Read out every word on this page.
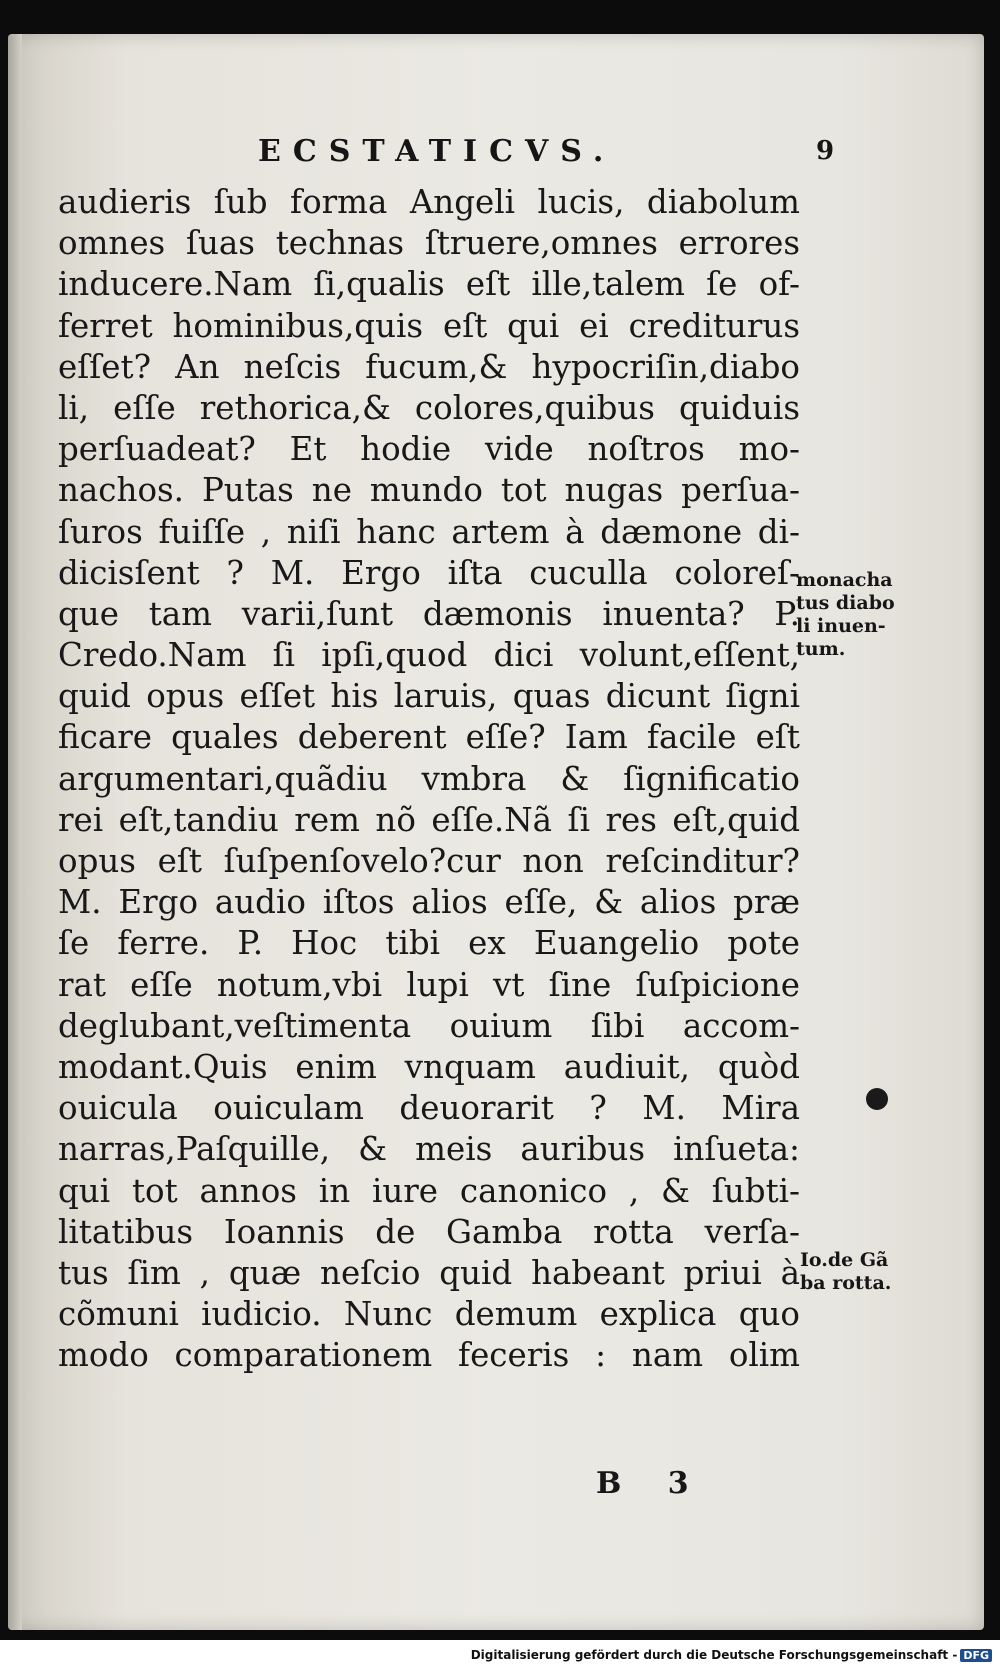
ECSTATICVS.	9
audieris ſub forma Angeli lucis, diabolum
omnes ſuas technas ſtruere,omnes errores
inducere.Nam ſi,qualis eſt ille,talem ſe of-
ferret hominibus,quis eſt qui ei crediturus
eſſet? An neſcis fucum,& hypocriſin,diabo
li, eſſe rethorica,& colores,quibus quiduis
perſuadeat? Et hodie vide noſtros mo-
nachos. Putas ne mundo tot nugas perſua-
ſuros fuiſſe , niſi hanc artem à dæmone di-
dicisſent ? M. Ergo iſta cuculla coloreſ-
que tam varii,ſunt dæmonis inuenta? P.
Credo.Nam ſi ipſi,quod dici volunt,eſſent,
quid opus eſſet his laruis, quas dicunt ſigni
ficare quales deberent eſſe? Iam facile eſt
argumentari,quãdiu vmbra & ſignificatio
rei eſt,tandiu rem nõ eſſe.Nã ſi res eſt,quid
opus eſt ſuſpenſovelo?cur non reſcinditur?
M. Ergo audio iſtos alios eſſe, & alios præ
ſe ferre. P. Hoc tibi ex Euangelio pote
rat eſſe notum,vbi lupi vt ſine ſuſpicione
deglubant,veſtimenta ouium ſibi accom-
modant.Quis enim vnquam audiuit, quòd
ouicula ouiculam deuorarit ? M. Mira
narras,Paſquille, & meis auribus inſueta:
qui tot annos in iure canonico , & ſubti-
litatibus Ioannis de Gamba rotta verſa-
tus ſim , quæ neſcio quid habeant priui à
cõmuni iudicio. Nunc demum explica quo
modo comparationem feceris : nam olim
monacha
tus diabo
li inuen-
tum.
Io.de Gã
ba rotta.
B 3
Digitalisierung gefördert durch die Deutsche Forschungsgemeinschaft - DFG
